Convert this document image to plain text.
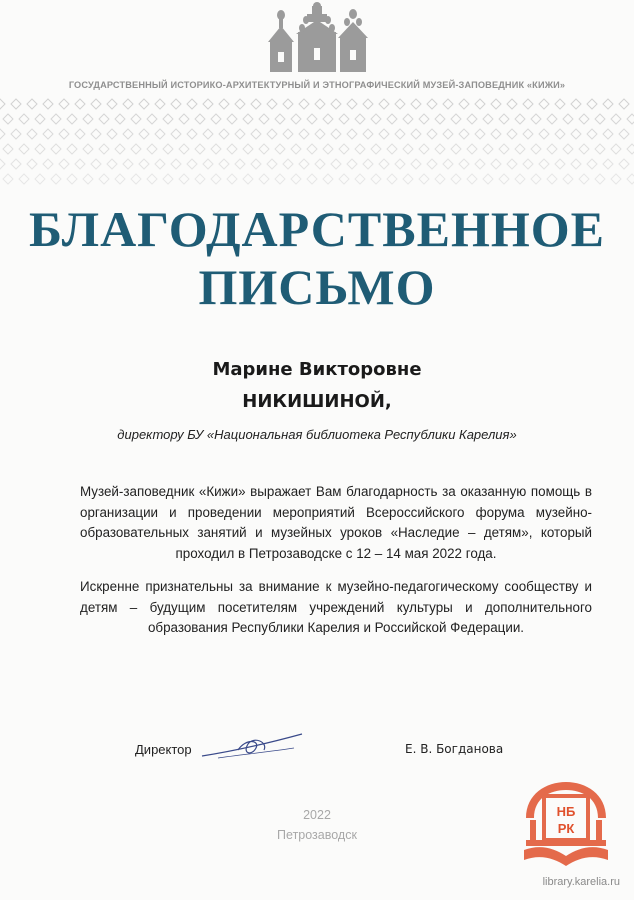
ГОСУДАРСТВЕННЫЙ ИСТОРИКО-АРХИТЕКТУРНЫЙ И ЭТНОГРАФИЧЕСКИЙ МУЗЕЙ-ЗАПОВЕДНИК «КИЖИ»
БЛАГОДАРСТВЕННОЕ
ПИСЬМО
Марине Викторовне
НИКИШИНОЙ,
директору БУ «Национальная библиотека Республики Карелия»
Музей-заповедник «Кижи» выражает Вам благодарность за оказанную помощь в организации и проведении мероприятий Всероссийского форума музейно-образовательных занятий и музейных уроков «Наследие – детям», который проходил в Петрозаводске с 12 – 14 мая 2022 года.
Искренне признательны за внимание к музейно-педагогическому сообществу и детям – будущим посетителям учреждений культуры и дополнительного образования Республики Карелия и Российской Федерации.
Директор	Е. В. Богданова
2022
Петрозаводск
НБ
РК
library.karelia.ru
